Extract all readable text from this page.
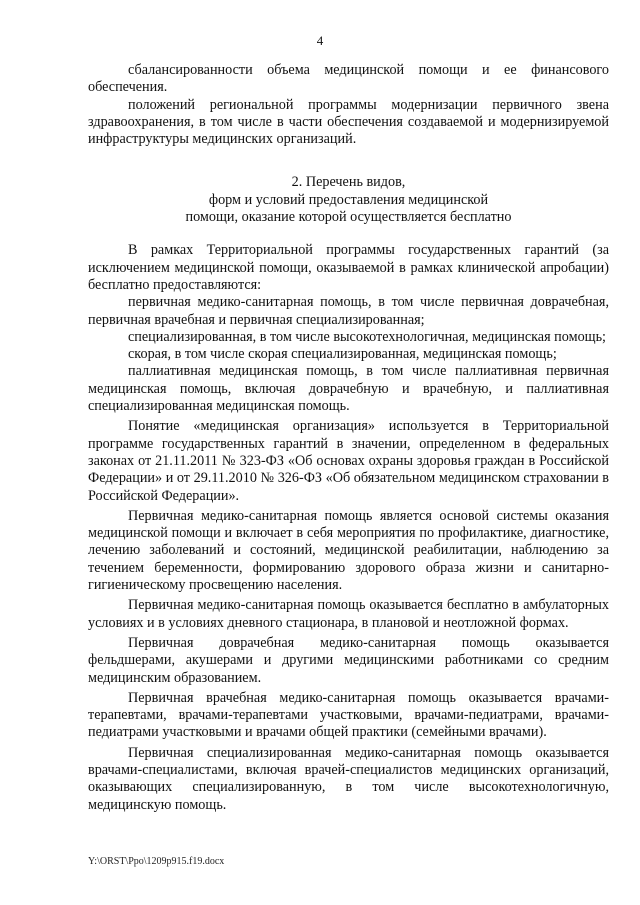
4

сбалансированности объема медицинской помощи и ее финансового обеспечения.

положений региональной программы модернизации первичного звена здравоохранения, в том числе в части обеспечения создаваемой и модернизируемой инфраструктуры медицинских организаций.

2. Перечень видов,
форм и условий предоставления медицинской
помощи, оказание которой осуществляется бесплатно

В рамках Территориальной программы государственных гарантий (за исключением медицинской помощи, оказываемой в рамках клинической апробации) бесплатно предоставляются:

первичная медико-санитарная помощь, в том числе первичная доврачебная, первичная врачебная и первичная специализированная;

специализированная, в том числе высокотехнологичная, медицинская помощь;

скорая, в том числе скорая специализированная, медицинская помощь;

паллиативная медицинская помощь, в том числе паллиативная первичная медицинская помощь, включая доврачебную и врачебную, и паллиативная специализированная медицинская помощь.

Понятие «медицинская организация» используется в Территориальной программе государственных гарантий в значении, определенном в федеральных законах от 21.11.2011 № 323-ФЗ «Об основах охраны здоровья граждан в Российской Федерации» и от 29.11.2010 № 326-ФЗ «Об обязательном медицинском страховании в Российской Федерации».

Первичная медико-санитарная помощь является основой системы оказания медицинской помощи и включает в себя мероприятия по профилактике, диагностике, лечению заболеваний и состояний, медицинской реабилитации, наблюдению за течением беременности, формированию здорового образа жизни и санитарно-гигиеническому просвещению населения.

Первичная медико-санитарная помощь оказывается бесплатно в амбулаторных условиях и в условиях дневного стационара, в плановой и неотложной формах.

Первичная доврачебная медико-санитарная помощь оказывается фельдшерами, акушерами и другими медицинскими работниками со средним медицинским образованием.

Первичная врачебная медико-санитарная помощь оказывается врачами-терапевтами, врачами-терапевтами участковыми, врачами-педиатрами, врачами-педиатрами участковыми и врачами общей практики (семейными врачами).

Первичная специализированная медико-санитарная помощь оказывается врачами-специалистами, включая врачей-специалистов медицинских организаций, оказывающих специализированную, в том числе высокотехнологичную, медицинскую помощь.

Y:\ORST\Ppo\1209p915.f19.docx
